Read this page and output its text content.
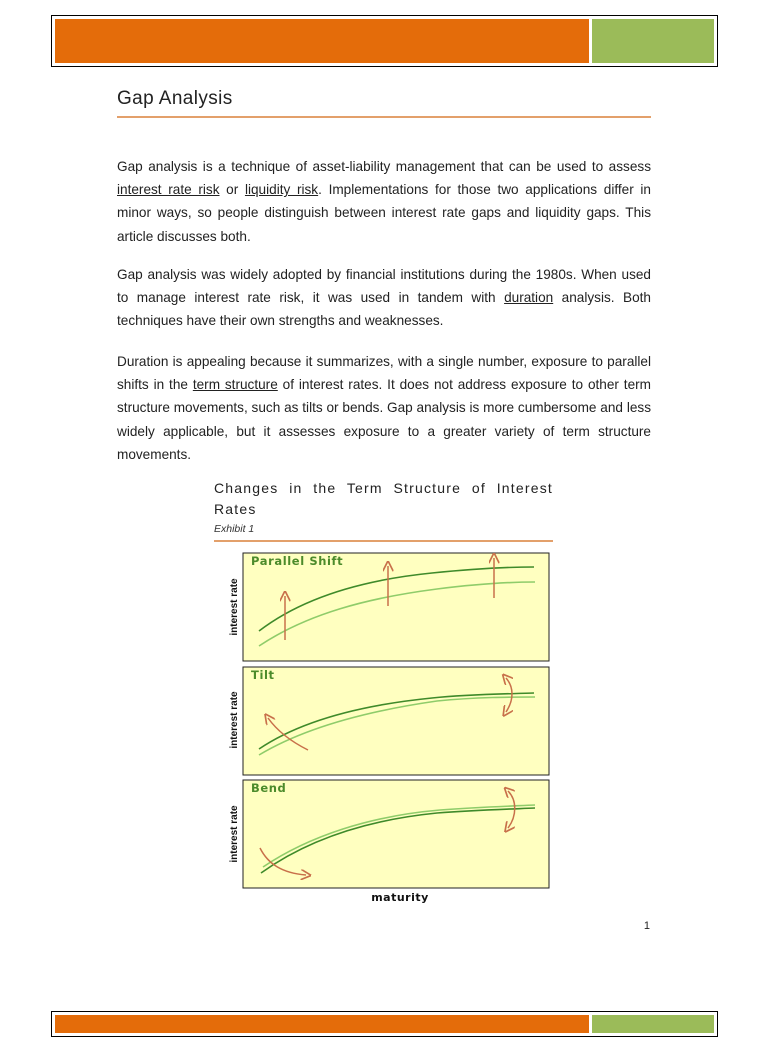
Gap Analysis
Gap analysis is a technique of asset-liability management that can be used to assess interest rate risk or liquidity risk. Implementations for those two applications differ in minor ways, so people distinguish between interest rate gaps and liquidity gaps. This article discusses both.
Gap analysis was widely adopted by financial institutions during the 1980s. When used to manage interest rate risk, it was used in tandem with duration analysis. Both techniques have their own strengths and weaknesses.
Duration is appealing because it summarizes, with a single number, exposure to parallel shifts in the term structure of interest rates. It does not address exposure to other term structure movements, such as tilts or bends. Gap analysis is more cumbersome and less widely applicable, but it assesses exposure to a greater variety of term structure movements.
Changes in the Term Structure of Interest Rates
Exhibit 1
Parallel Shift
interest rate
Tilt
interest rate
Bend
interest rate
maturity
1
